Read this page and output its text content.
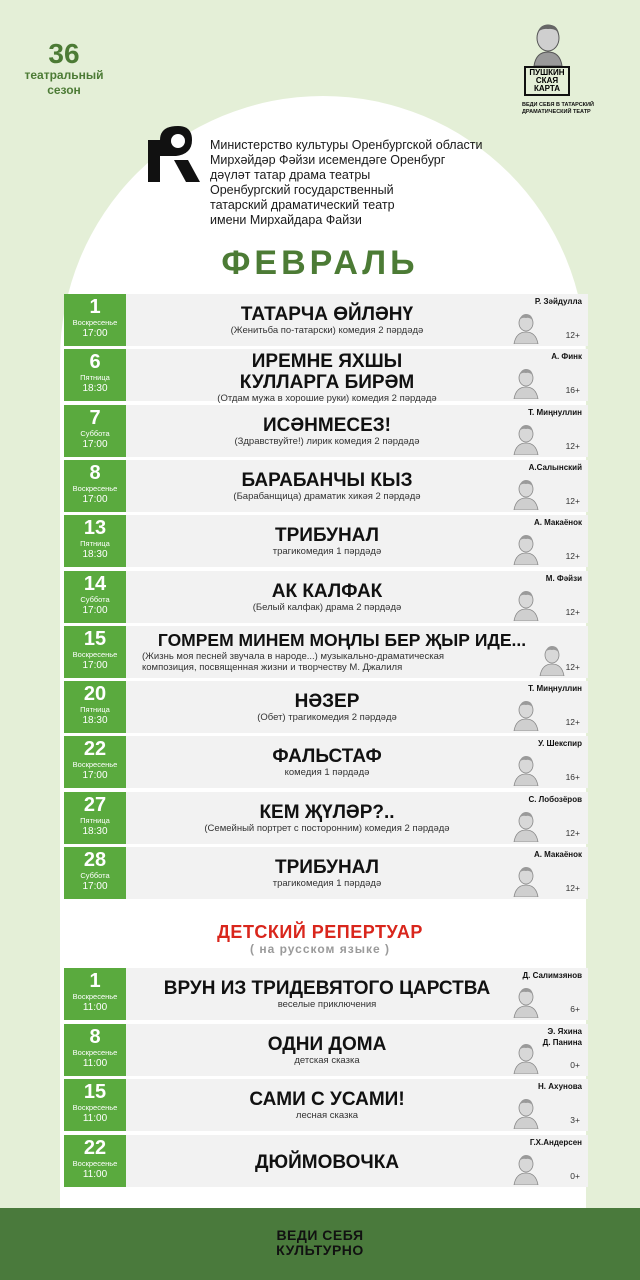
36
театральный
сезон
ПУШКИН
СКАЯ
КАРТА
ВЕДИ СЕБЯ В ТАТАРСКИЙ
ДРАМАТИЧЕСКИЙ ТЕАТР
Министерство культуры Оренбургской области
Мирхәйдәр Фәйзи исемендәге Оренбург
дәүләт татар драма театры
Оренбургский государственный
татарский драматический театр
имени Мирхайдара Файзи
ФЕВРАЛЬ
1
Воскресенье
17:00
ТАТАРЧА ӨЙЛӘНҮ
(Женитьба по-татарски) комедия 2 пәрдәдә
Р. Зәйдулла
12+
6
Пятница
18:30
ИРЕМНЕ ЯХШЫ
КУЛЛАРГА БИРӘМ
(Отдам мужа в хорошие руки) комедия 2 пәрдәдә
А. Финк
16+
7
Суббота
17:00
ИСӘНМЕСЕЗ!
(Здравствуйте!) лирик комедия 2 пәрдәдә
Т. Миңнуллин
12+
8
Воскресенье
17:00
БАРАБАНЧЫ КЫЗ
(Барабанщица) драматик хикәя 2 пәрдәдә
А.Салынский
12+
13
Пятница
18:30
ТРИБУНАЛ
трагикомедия 1 пәрдәдә
А. Макаёнок
12+
14
Суббота
17:00
АК КАЛФАК
(Белый калфак) драма 2 пәрдәдә
М. Фәйзи
12+
15
Воскресенье
17:00
ГОМРЕМ МИНЕМ МОҢЛЫ БЕР ҖЫР ИДЕ...
(Жизнь моя песней звучала в народе...) музыкально-драматическая
композиция, посвященная жизни и творчеству М. Джалиля	12+
20
Пятница
18:30
НӘЗЕР
(Обет) трагикомедия 2 пәрдәдә
Т. Миңнуллин
12+
22
Воскресенье
17:00
ФАЛЬСТАФ
комедия 1 пәрдәдә
У. Шекспир
16+
27
Пятница
18:30
КЕМ ҖҮЛӘР?..
(Семейный портрет с посторонним) комедия 2 пәрдәдә
С. Лобозёров
12+
28
Суббота
17:00
ТРИБУНАЛ
трагикомедия 1 пәрдәдә
А. Макаёнок
12+
ДЕТСКИЙ РЕПЕРТУАР
( на русском языке )
1
Воскресенье
11:00
ВРУН ИЗ ТРИДЕВЯТОГО ЦАРСТВА
веселые приключения
Д. Салимзянов
6+
8
Воскресенье
11:00
ОДНИ ДОМА
детская сказка
Э. Яхина
Д. Панина
0+
15
Воскресенье
11:00
САМИ С УСАМИ!
лесная сказка
Н. Ахунова
3+
22
Воскресенье
11:00
ДЮЙМОВОЧКА
Г.Х.Андерсен
0+
ВЕДИ СЕБЯ
КУЛЬТУРНО
